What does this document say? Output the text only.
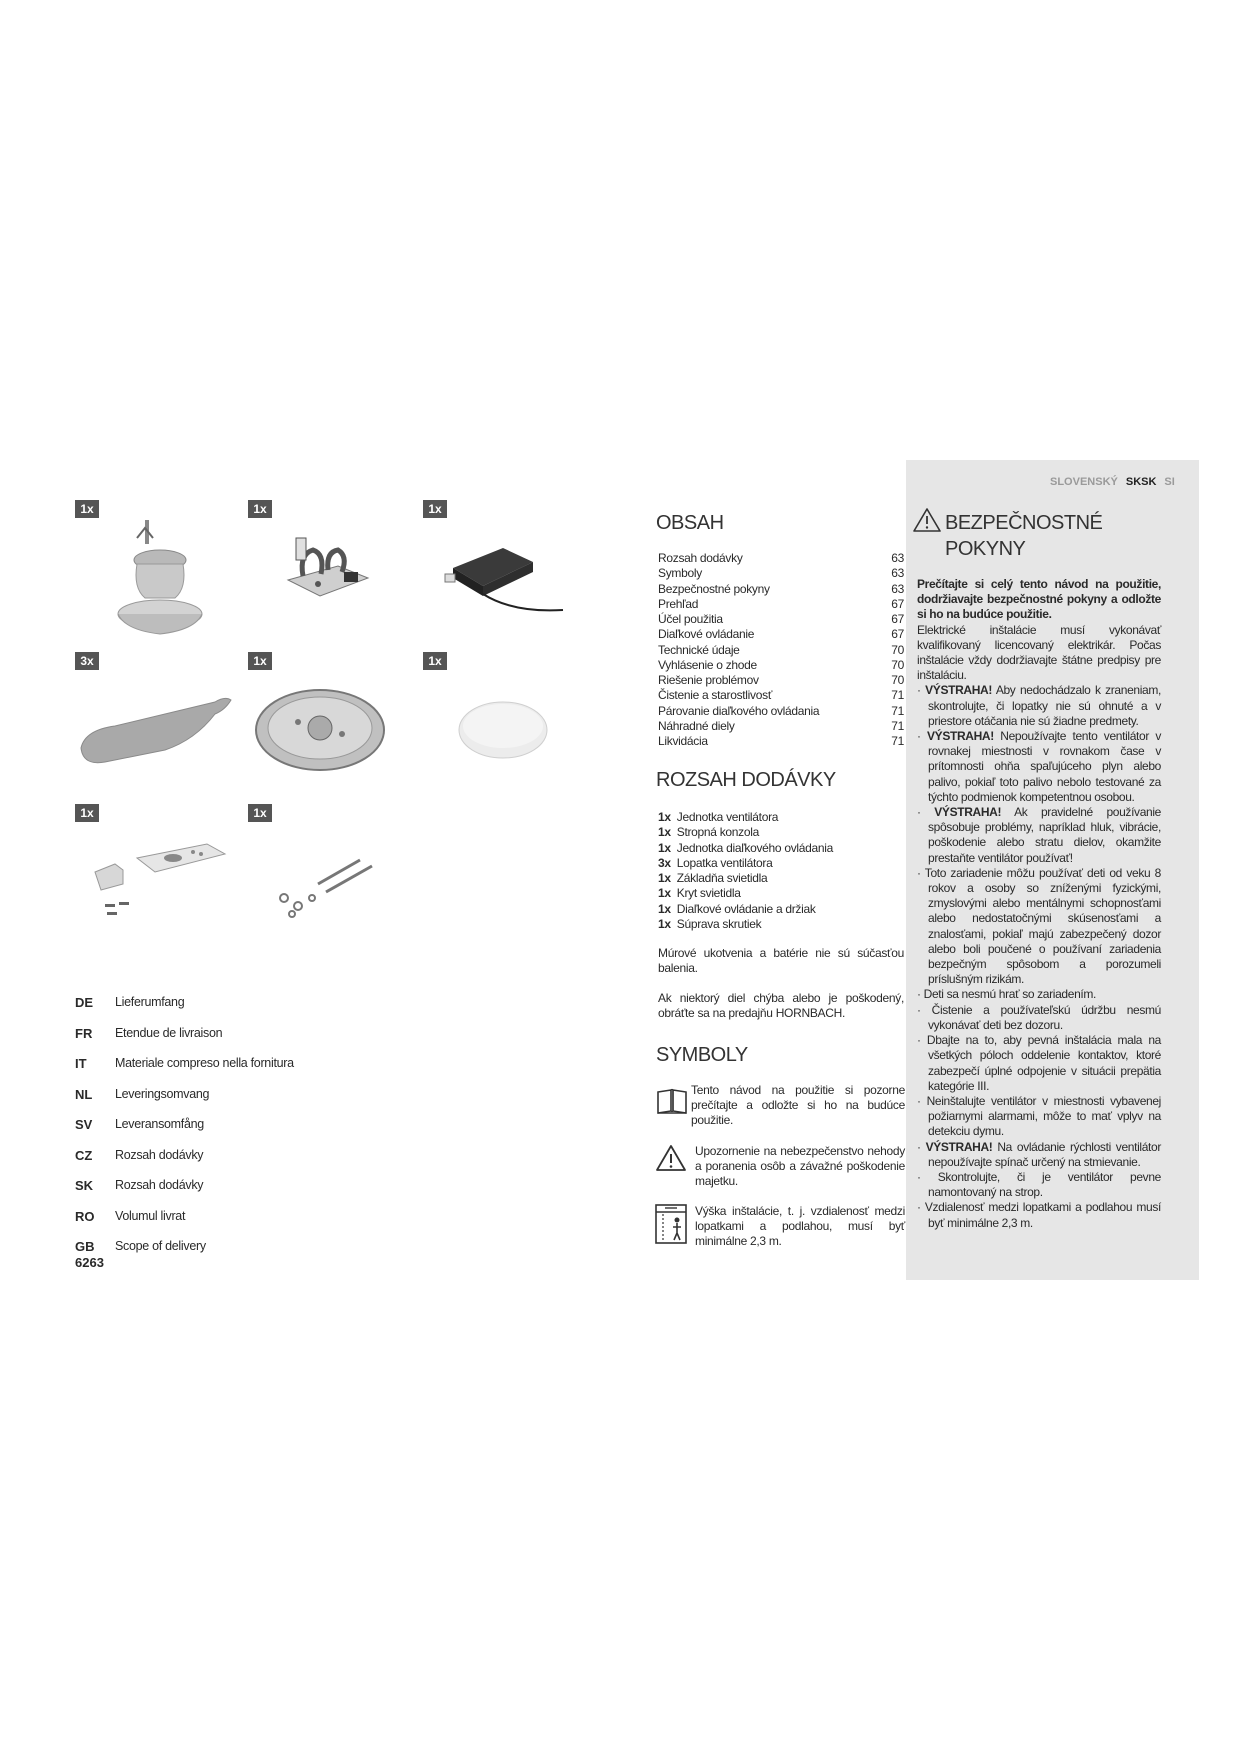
1x	1x	1x
3x	1x	1x
1x	1x
DE	Lieferumfang
FR	Etendue de livraison
IT	Materiale compreso nella fornitura
NL	Leveringsomvang
SV	Leveransomfång
CZ	Rozsah dodávky
SK	Rozsah dodávky
RO	Volumul livrat
GB	Scope of delivery
6263
OBSAH
Rozsah dodávky	63
Symboly	63
Bezpečnostné pokyny	63
Prehľad	67
Účel použitia	67
Diaľkové ovládanie	67
Technické údaje	70
Vyhlásenie o zhode	70
Riešenie problémov	70
Čistenie a starostlivosť	71
Párovanie diaľkového ovládania	71
Náhradné diely	71
Likvidácia	71
ROZSAH DODÁVKY
1x Jednotka ventilátora
1x Stropná konzola
1x Jednotka diaľkového ovládania
3x Lopatka ventilátora
1x Základňa svietidla
1x Kryt svietidla
1x Diaľkové ovládanie a držiak
1x Súprava skrutiek
Múrové ukotvenia a batérie nie sú súčasťou balenia.
Ak niektorý diel chýba alebo je poškodený, obráťte sa na predajňu HORNBACH.
SYMBOLY
Tento návod na použitie si pozorne prečítajte a odložte si ho na budúce použitie.
Upozornenie na nebezpečenstvo nehody a poranenia osôb a závažné poškodenie majetku.
Výška inštalácie, t. j. vzdialenosť medzi lopatkami a podlahou, musí byť minimálne 2,3 m.
SLOVENSKÝ SKSK SI
BEZPEČNOSTNÉ
POKYNY

Prečítajte si celý tento návod na použitie, dodržiavajte bezpečnostné pokyny a odložte si ho na budúce použitie.

Elektrické inštalácie musí vykonávať kvalifikovaný licencovaný elektrikár. Počas inštalácie vždy dodržiavajte štátne predpisy pre inštaláciu.

· VÝSTRAHA! Aby nedochádzalo k zraneniam, skontrolujte, či lopatky nie sú ohnuté a v priestore otáčania nie sú žiadne predmety.

· VÝSTRAHA! Nepoužívajte tento ventilátor v rovnakej miestnosti v rovnakom čase v prítomnosti ohňa spaľujúceho plyn alebo palivo, pokiaľ toto palivo nebolo testované za týchto podmienok kompetentnou osobou.

· VÝSTRAHA! Ak pravidelné používanie spôsobuje problémy, napríklad hluk, vibrácie, poškodenie alebo stratu dielov, okamžite prestaňte ventilátor používať!

· Toto zariadenie môžu používať deti od veku 8 rokov a osoby so zníženými fyzickými, zmyslovými alebo mentálnymi schopnosťami alebo nedostatočnými skúsenosťami a znalosťami, pokiaľ majú zabezpečený dozor alebo boli poučené o používaní zariadenia bezpečným spôsobom a porozumeli príslušným rizikám.

· Deti sa nesmú hrať so zariadením.

· Čistenie a používateľskú údržbu nesmú vykonávať deti bez dozoru.

· Dbajte na to, aby pevná inštalácia mala na všetkých póloch oddelenie kontaktov, ktoré zabezpečí úplné odpojenie v situácii prepätia kategórie III.

· Neinštalujte ventilátor v miestnosti vybavenej požiarnymi alarmami, môže to mať vplyv na detekciu dymu.

· VÝSTRAHA! Na ovládanie rýchlosti ventilátor nepoužívajte spínač určený na stmievanie.

· Skontrolujte, či je ventilátor pevne namontovaný na strop.

· Vzdialenosť medzi lopatkami a podlahou musí byť minimálne 2,3 m.
